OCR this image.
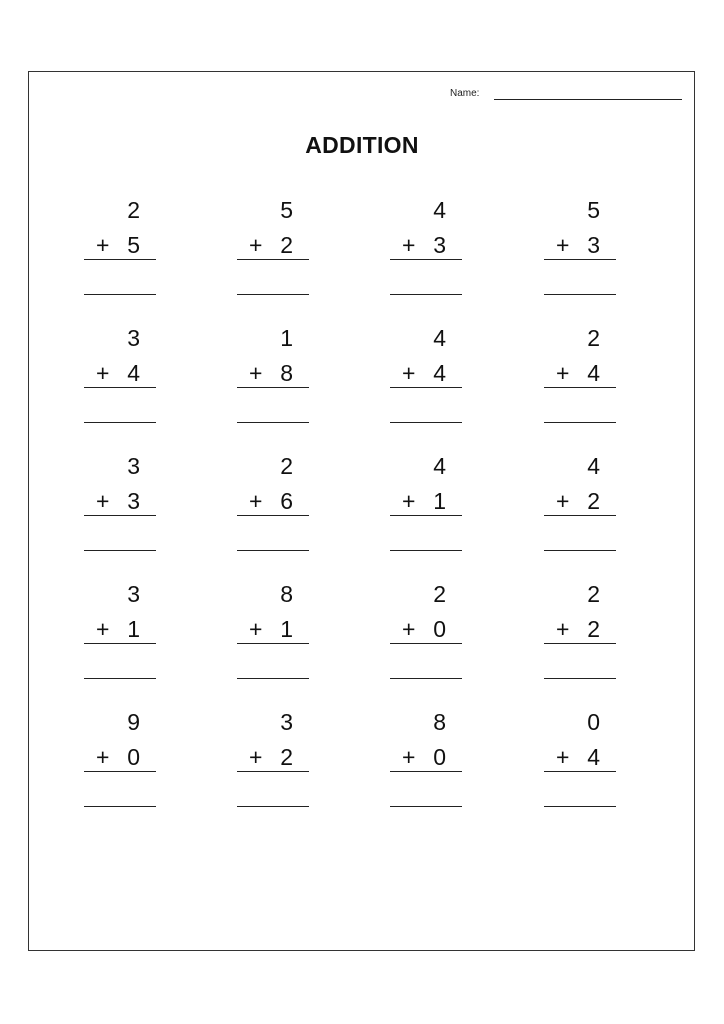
Name:
ADDITION
2
+ 5
5
+ 2
4
+ 3
5
+ 3
3
+ 4
1
+ 8
4
+ 4
2
+ 4
3
+ 3
2
+ 6
4
+ 1
4
+ 2
3
+ 1
8
+ 1
2
+ 0
2
+ 2
9
+ 0
3
+ 2
8
+ 0
0
+ 4
